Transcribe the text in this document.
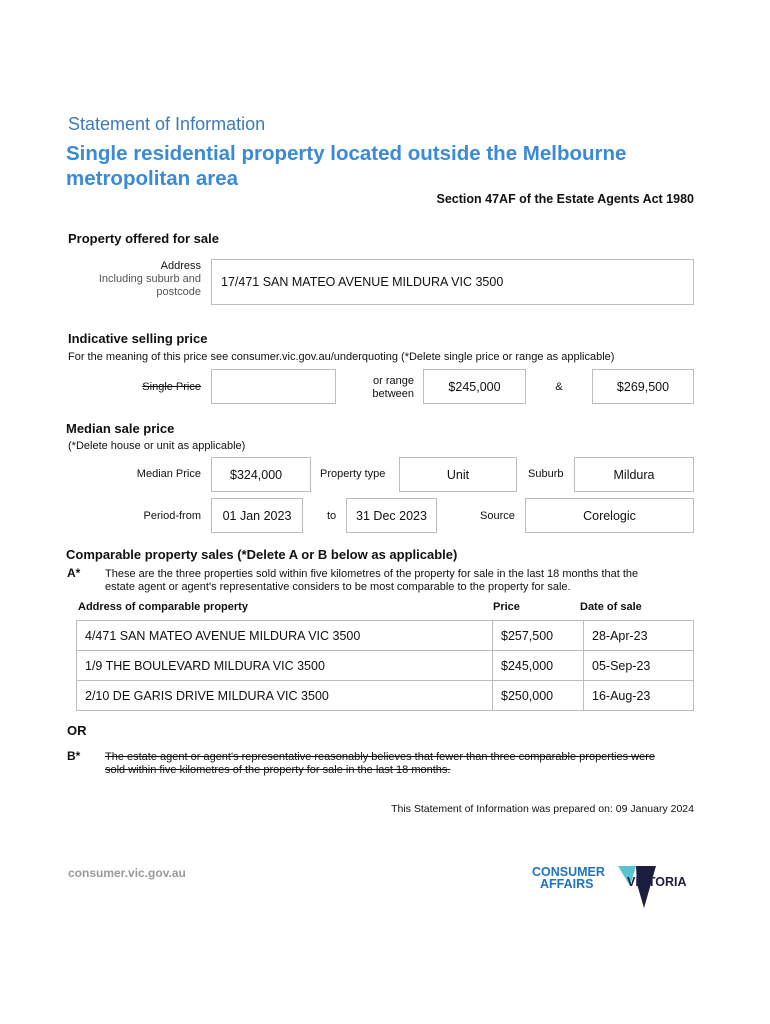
Statement of Information
Single residential property located outside the Melbourne metropolitan area
Section 47AF of the Estate Agents Act 1980
Property offered for sale
Address
Including suburb and
postcode
17/471 SAN MATEO AVENUE MILDURA VIC 3500
Indicative selling price
For the meaning of this price see consumer.vic.gov.au/underquoting (*Delete single price or range as applicable)
Single Price	or range
between
$245,000	&	$269,500
Median sale price
(*Delete house or unit as applicable)
Median Price $324,000	Property type	Unit	Suburb	Mildura
Period-from 01 Jan 2023	to 31 Dec 2023	Source	Corelogic
Comparable property sales (*Delete A or B below as applicable)
A* These are the three properties sold within five kilometres of the property for sale in the last 18 months that the
estate agent or agent's representative considers to be most comparable to the property for sale.
Address of comparable property	Price	Date of sale
4/471 SAN MATEO AVENUE MILDURA VIC 3500	$257,500	28-Apr-23
1/9 THE BOULEVARD MILDURA VIC 3500	$245,000	05-Sep-23
2/10 DE GARIS DRIVE MILDURA VIC 3500	$250,000	16-Aug-23
OR
B* The estate agent or agent's representative reasonably believes that fewer than three comparable properties were
sold within five kilometres of the property for sale in the last 18 months.
This Statement of Information was prepared on: 09 January 2024
consumer.vic.gov.au	CONSUMER
AFFAIRS	VICTORIA
